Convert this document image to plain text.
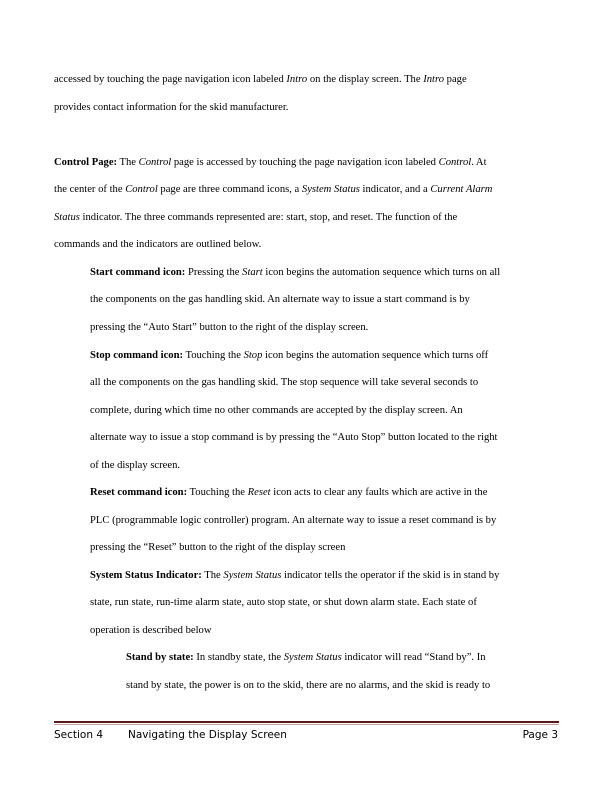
accessed by touching the page navigation icon labeled Intro on the display screen. The Intro page
provides contact information for the skid manufacturer.
Control Page: The Control page is accessed by touching the page navigation icon labeled Control. At
the center of the Control page are three command icons, a System Status indicator, and a Current Alarm
Status indicator. The three commands represented are: start, stop, and reset. The function of the
commands and the indicators are outlined below.
Start command icon: Pressing the Start icon begins the automation sequence which turns on all
the components on the gas handling skid. An alternate way to issue a start command is by
pressing the “Auto Start” button to the right of the display screen.
Stop command icon: Touching the Stop icon begins the automation sequence which turns off
all the components on the gas handling skid. The stop sequence will take several seconds to
complete, during which time no other commands are accepted by the display screen. An
alternate way to issue a stop command is by pressing the “Auto Stop” button located to the right
of the display screen.
Reset command icon: Touching the Reset icon acts to clear any faults which are active in the
PLC (programmable logic controller) program. An alternate way to issue a reset command is by
pressing the “Reset” button to the right of the display screen
System Status Indicator: The System Status indicator tells the operator if the skid is in stand by
state, run state, run-time alarm state, auto stop state, or shut down alarm state. Each state of
operation is described below
Stand by state: In standby state, the System Status indicator will read “Stand by”. In
stand by state, the power is on to the skid, there are no alarms, and the skid is ready to
Section 4 Navigating the Display Screen	Page 3
